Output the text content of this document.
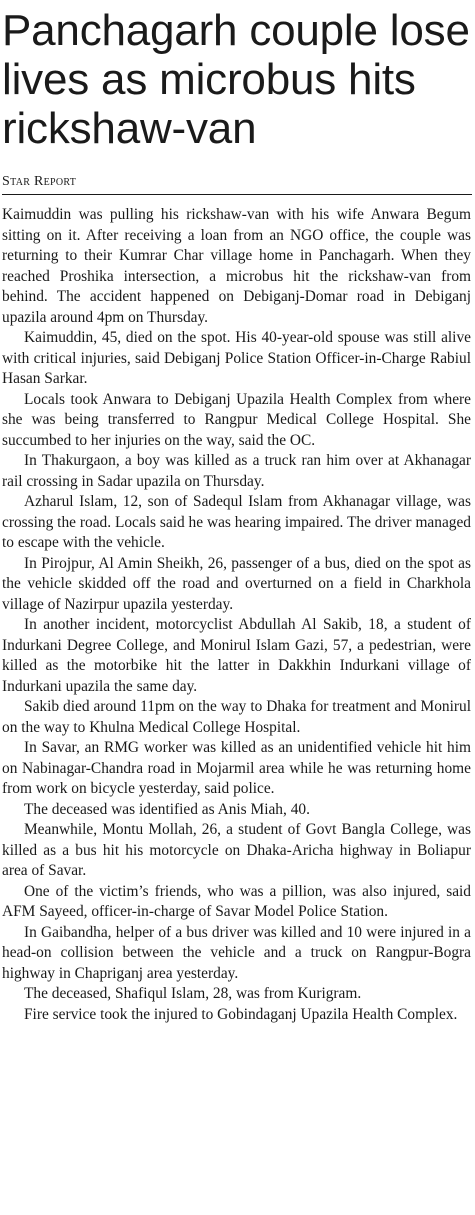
Panchagarh couple lose lives as microbus hits rickshaw-van
Star Report

Kaimuddin was pulling his rickshaw-van with his wife Anwara Begum sitting on it. After receiving a loan from an NGO office, the couple was returning to their Kumrar Char village home in Panchagarh. When they reached Proshika intersection, a microbus hit the rickshaw-van from behind. The accident happened on Debiganj-Domar road in Debiganj upazila around 4pm on Thursday.

Kaimuddin, 45, died on the spot. His 40-year-old spouse was still alive with critical injuries, said Debiganj Police Station Officer-in-Charge Rabiul Hasan Sarkar.

Locals took Anwara to Debiganj Upazila Health Complex from where she was being transferred to Rangpur Medical College Hospital. She succumbed to her injuries on the way, said the OC.

In Thakurgaon, a boy was killed as a truck ran him over at Akhanagar rail crossing in Sadar upazila on Thursday.

Azharul Islam, 12, son of Sadequl Islam from Akhanagar village, was crossing the road. Locals said he was hearing impaired. The driver managed to escape with the vehicle.

In Pirojpur, Al Amin Sheikh, 26, passenger of a bus, died on the spot as the vehicle skidded off the road and overturned on a field in Charkhola village of Nazirpur upazila yesterday.

In another incident, motorcyclist Abdullah Al Sakib, 18, a student of Indurkani Degree College, and Monirul Islam Gazi, 57, a pedestrian, were killed as the motorbike hit the latter in Dakkhin Indurkani village of Indurkani upazila the same day.

Sakib died around 11pm on the way to Dhaka for treatment and Monirul on the way to Khulna Medical College Hospital.

In Savar, an RMG worker was killed as an unidentified vehicle hit him on Nabinagar-Chandra road in Mojarmil area while he was returning home from work on bicycle yesterday, said police.

The deceased was identified as Anis Miah, 40.

Meanwhile, Montu Mollah, 26, a student of Govt Bangla College, was killed as a bus hit his motorcycle on Dhaka-Aricha highway in Boliapur area of Savar.

One of the victim’s friends, who was a pillion, was also injured, said AFM Sayeed, officer-in-charge of Savar Model Police Station.

In Gaibandha, helper of a bus driver was killed and 10 were injured in a head-on collision between the vehicle and a truck on Rangpur-Bogra highway in Chapriganj area yesterday.

The deceased, Shafiqul Islam, 28, was from Kurigram.

Fire service took the injured to Gobindaganj Upazila Health Complex.
